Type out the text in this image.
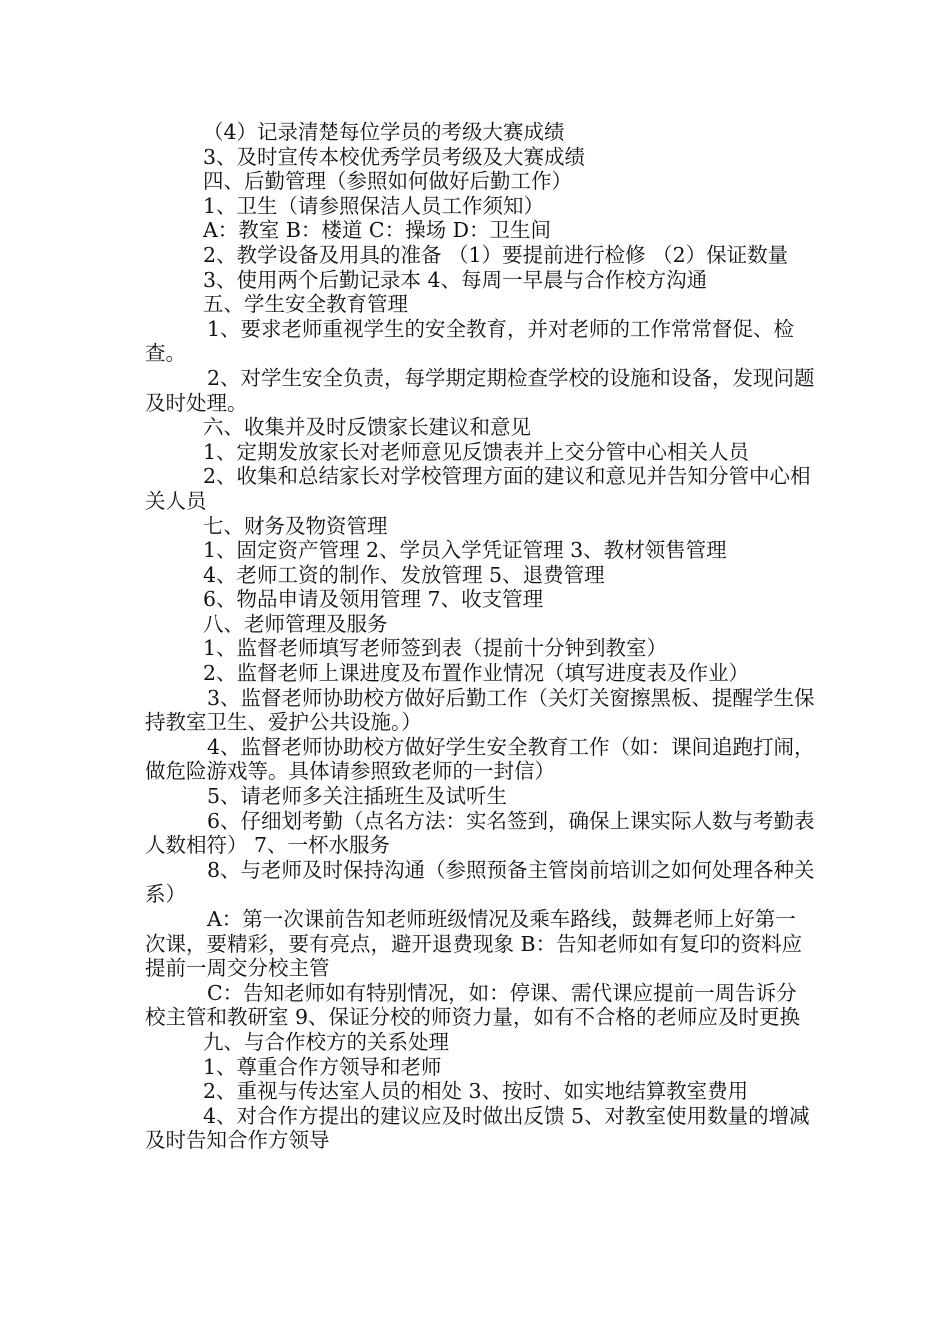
（4）记录清楚每位学员的考级大赛成绩

3、及时宣传本校优秀学员考级及大赛成绩

四、后勤管理（参照如何做好后勤工作）

1、卫生（请参照保洁人员工作须知）

A：教室 B：楼道 C：操场 D：卫生间

2、教学设备及用具的准备 （1）要提前进行检修 （2）保证数量

3、使用两个后勤记录本 4、每周一早晨与合作校方沟通

五、学生安全教育管理

1、要求老师重视学生的安全教育，并对老师的工作常常督促、检查。

2、对学生安全负责，每学期定期检查学校的设施和设备，发现问题及时处理。

六、收集并及时反馈家长建议和意见

1、定期发放家长对老师意见反馈表并上交分管中心相关人员

2、收集和总结家长对学校管理方面的建议和意见并告知分管中心相关人员

七、财务及物资管理

1、固定资产管理 2、学员入学凭证管理 3、教材领售管理

4、老师工资的制作、发放管理 5、退费管理

6、物品申请及领用管理 7、收支管理

八、老师管理及服务

1、监督老师填写老师签到表（提前十分钟到教室）

2、监督老师上课进度及布置作业情况（填写进度表及作业）

3、监督老师协助校方做好后勤工作（关灯关窗擦黑板、提醒学生保持教室卫生、爱护公共设施。）

4、监督老师协助校方做好学生安全教育工作（如：课间追跑打闹，做危险游戏等。具体请参照致老师的一封信）

5、请老师多关注插班生及试听生

6、仔细划考勤（点名方法：实名签到，确保上课实际人数与考勤表人数相符） 7、一杯水服务

8、与老师及时保持沟通（参照预备主管岗前培训之如何处理各种关系）

A：第一次课前告知老师班级情况及乘车路线，鼓舞老师上好第一次课，要精彩，要有亮点，避开退费现象 B：告知老师如有复印的资料应提前一周交分校主管

C：告知老师如有特别情况，如：停课、需代课应提前一周告诉分校主管和教研室 9、保证分校的师资力量，如有不合格的老师应及时更换

九、与合作校方的关系处理

1、尊重合作方领导和老师

2、重视与传达室人员的相处 3、按时、如实地结算教室费用

4、对合作方提出的建议应及时做出反馈 5、对教室使用数量的增减及时告知合作方领导
